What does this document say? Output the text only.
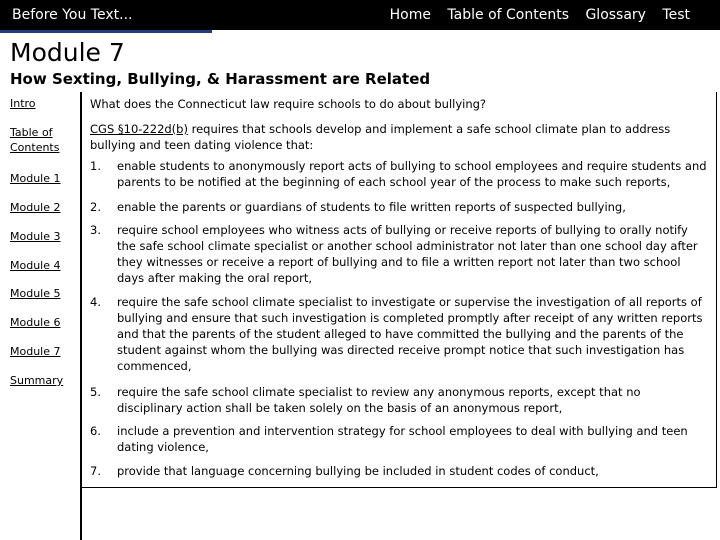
Before You Text...	Home Table of Contents Glossary Test
Module 7
How Sexting, Bullying, & Harassment are Related
Intro
Table of Contents
Module 1
Module 2
Module 3
Module 4
Module 5
Module 6
Module 7
Summary
What does the Connecticut law require schools to do about bullying?
CGS §10-222d(b) requires that schools develop and implement a safe school climate plan to address bullying and teen dating violence that:
1. enable students to anonymously report acts of bullying to school employees and require students and parents to be notified at the beginning of each school year of the process to make such reports,
2. enable the parents or guardians of students to file written reports of suspected bullying,
3. require school employees who witness acts of bullying or receive reports of bullying to orally notify the safe school climate specialist or another school administrator not later than one school day after they witnesses or receive a report of bullying and to file a written report not later than two school days after making the oral report,
4. require the safe school climate specialist to investigate or supervise the investigation of all reports of bullying and ensure that such investigation is completed promptly after receipt of any written reports and that the parents of the student alleged to have committed the bullying and the parents of the student against whom the bullying was directed receive prompt notice that such investigation has commenced,
5. require the safe school climate specialist to review any anonymous reports, except that no disciplinary action shall be taken solely on the basis of an anonymous report,
6. include a prevention and intervention strategy for school employees to deal with bullying and teen dating violence,
7. provide that language concerning bullying be included in student codes of conduct,
